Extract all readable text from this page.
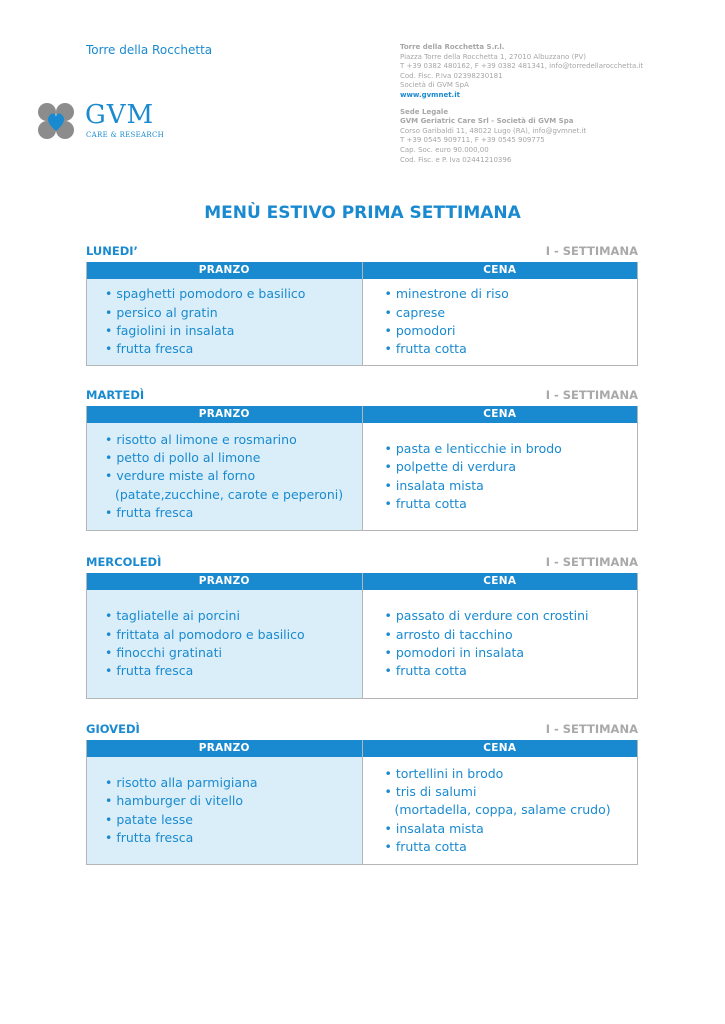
Torre della Rocchetta
GVM
CARE & RESEARCH
Torre della Rocchetta S.r.l.
Piazza Torre della Rocchetta 1, 27010 Albuzzano (PV)
T +39 0382 480162, F +39 0382 481341, info@torredellarocchetta.it
Cod. Fisc. P.Iva 02398230181
Società di GVM SpA
www.gvmnet.it
Sede Legale
GVM Geriatric Care Srl - Società di GVM Spa
Corso Garibaldi 11, 48022 Lugo (RA), info@gvmnet.it
T +39 0545 909711, F +39 0545 909775
Cap. Soc. euro 90.000,00
Cod. Fisc. e P. Iva 02441210396
MENÙ ESTIVO PRIMA SETTIMANA
LUNEDI’	I - SETTIMANA
PRANZO
• spaghetti pomodoro e basilico
• persico al gratin
• fagiolini in insalata
• frutta fresca
CENA
• minestrone di riso
• caprese
• pomodori
• frutta cotta
MARTEDÌ	I - SETTIMANA
PRANZO
• risotto al limone e rosmarino
• petto di pollo al limone
• verdure miste al forno
(patate,zucchine, carote e peperoni)
• frutta fresca
CENA
• pasta e lenticchie in brodo
• polpette di verdura
• insalata mista
• frutta cotta
MERCOLEDÌ	I - SETTIMANA
PRANZO
• tagliatelle ai porcini
• frittata al pomodoro e basilico
• finocchi gratinati
• frutta fresca
CENA
• passato di verdure con crostini
• arrosto di tacchino
• pomodori in insalata
• frutta cotta
GIOVEDÌ	I - SETTIMANA
PRANZO
• risotto alla parmigiana
• hamburger di vitello
• patate lesse
• frutta fresca
CENA
• tortellini in brodo
• tris di salumi
(mortadella, coppa, salame crudo)
• insalata mista
• frutta cotta
